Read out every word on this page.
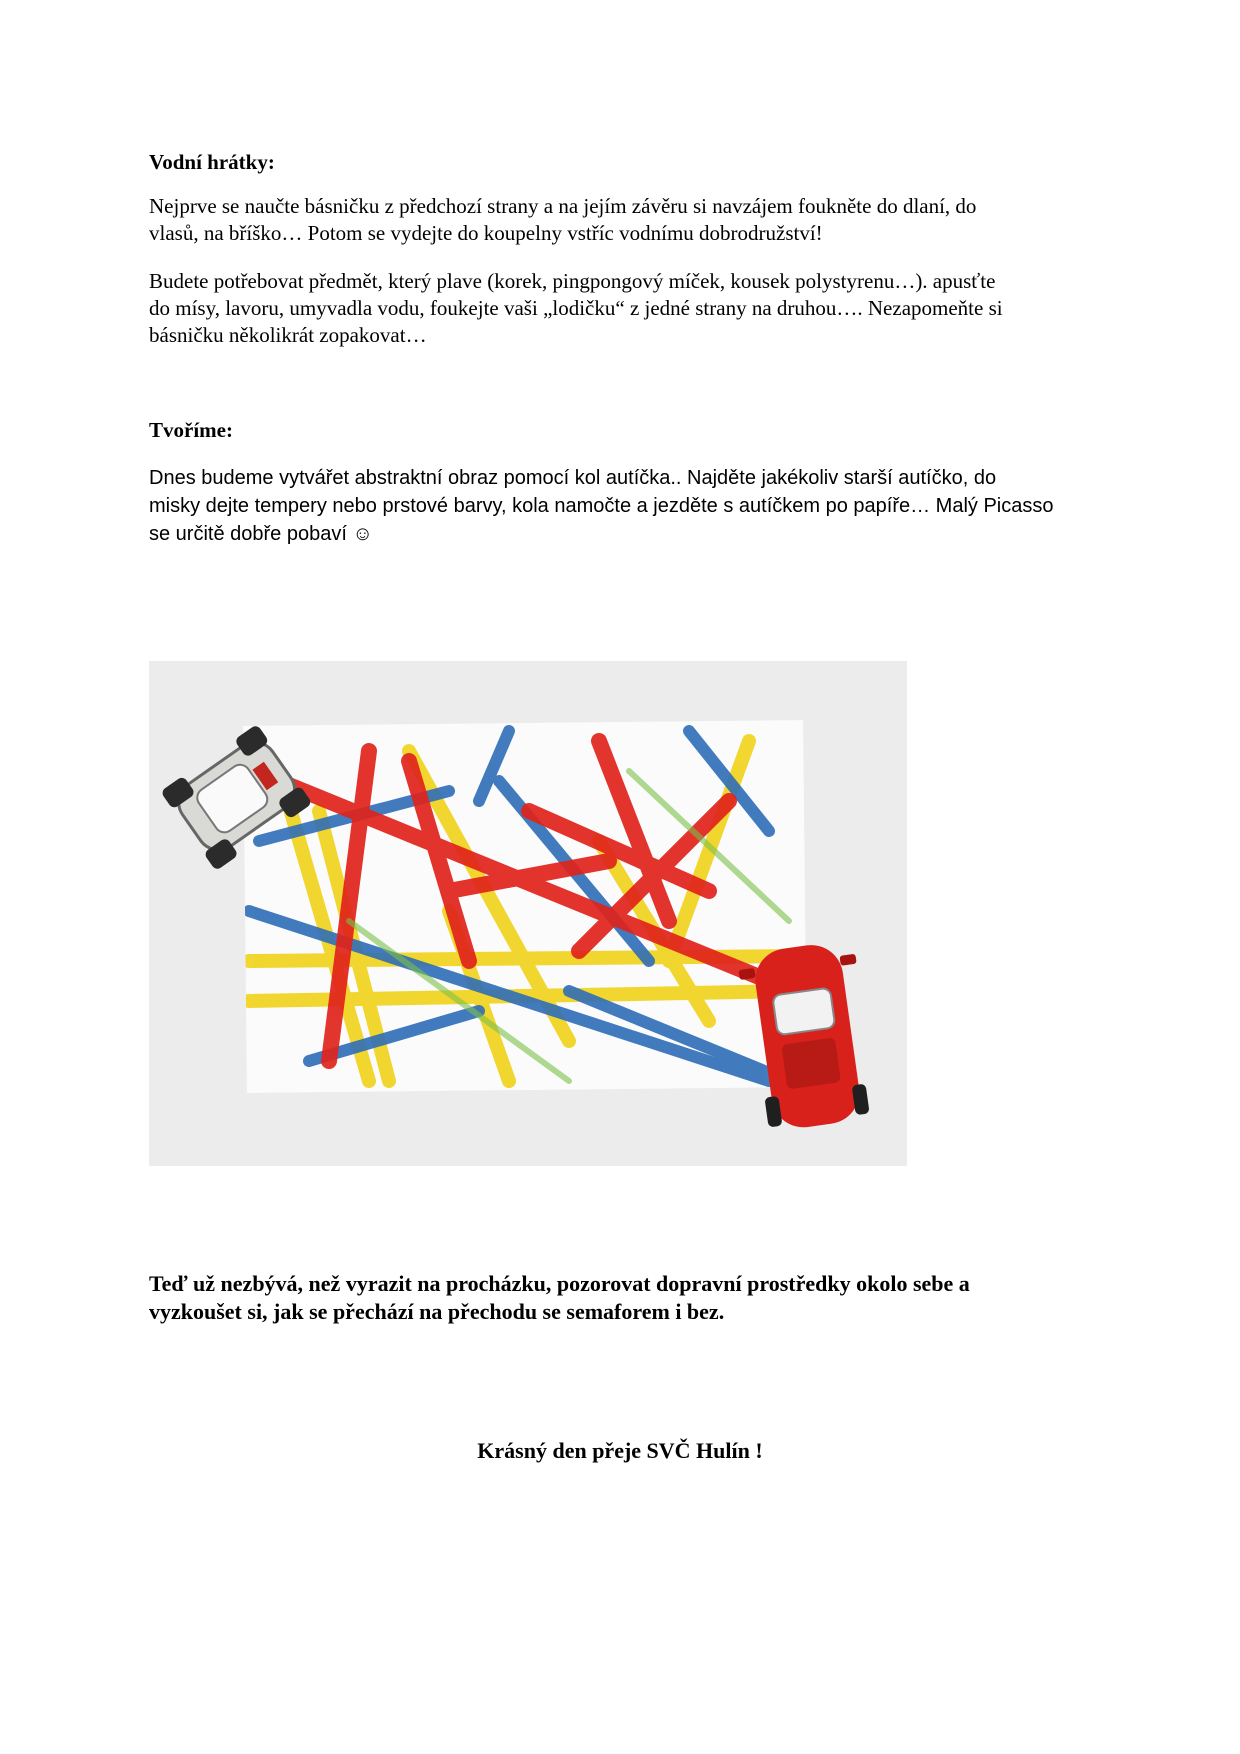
Vodní hrátky:

Nejprve se naučte básničku z předchozí strany a na jejím závěru si navzájem foukněte do dlaní, do
vlasů, na bříško… Potom se vydejte do koupelny vstříc vodnímu dobrodružství!

Budete potřebovat předmět, který plave (korek, pingpongový míček, kousek polystyrenu…). apusťte
do mísy, lavoru, umyvadla vodu, foukejte vaši „lodičku“ z jedné strany na druhou…. Nezapomeňte si
básničku několikrát zopakovat…

Tvoříme:

Dnes budeme vytvářet abstraktní obraz pomocí kol autíčka.. Najděte jakékoliv starší autíčko, do
misky dejte tempery nebo prstové barvy, kola namočte a jezděte s autíčkem po papíře… Malý Picasso
se určitě dobře pobaví ☺

Teď už nezbývá, než vyrazit na procházku, pozorovat dopravní prostředky okolo sebe a
vyzkoušet si, jak se přechází na přechodu se semaforem i bez.

Krásný den přeje SVČ Hulín !
